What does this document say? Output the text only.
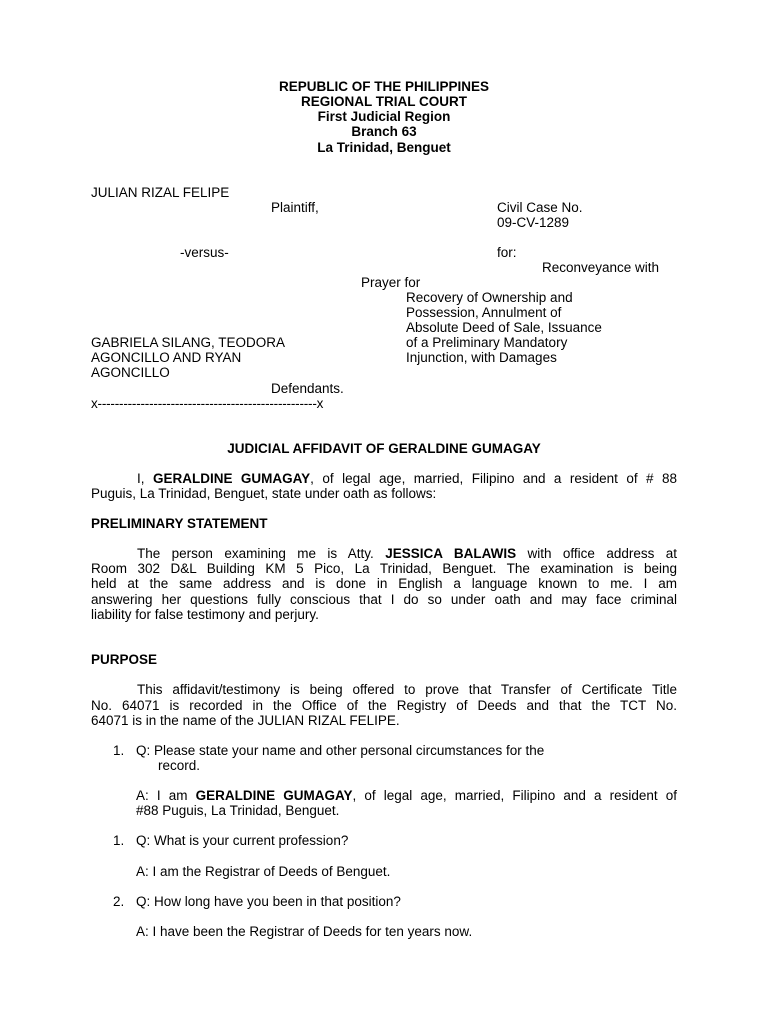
REPUBLIC OF THE PHILIPPINES
REGIONAL TRIAL COURT
First Judicial Region
Branch 63
La Trinidad, Benguet
JULIAN RIZAL FELIPE
Plaintiff,	Civil Case No.
09-CV-1289
-versus-	for:
Reconveyance with
Prayer for
Recovery of Ownership and
Possession, Annulment of
Absolute Deed of Sale, Issuance
of a Preliminary Mandatory
Injunction, with Damages
GABRIELA SILANG, TEODORA
AGONCILLO AND RYAN
AGONCILLO
Defendants.
x---------------------------------------------------x
JUDICIAL AFFIDAVIT OF GERALDINE GUMAGAY
I, GERALDINE GUMAGAY, of legal age, married, Filipino and a resident of # 88
Puguis, La Trinidad, Benguet, state under oath as follows:
PRELIMINARY STATEMENT
The person examining me is Atty. JESSICA BALAWIS with office address at
Room 302 D&L Building KM 5 Pico, La Trinidad, Benguet. The examination is being
held at the same address and is done in English a language known to me. I am
answering her questions fully conscious that I do so under oath and may face criminal
liability for false testimony and perjury.
PURPOSE
This affidavit/testimony is being offered to prove that Transfer of Certificate Title
No. 64071 is recorded in the Office of the Registry of Deeds and that the TCT No.
64071 is in the name of the JULIAN RIZAL FELIPE.
1. Q: Please state your name and other personal circumstances for the
record.
A: I am GERALDINE GUMAGAY, of legal age, married, Filipino and a resident of
#88 Puguis, La Trinidad, Benguet.
1. Q: What is your current profession?
A: I am the Registrar of Deeds of Benguet.
2. Q: How long have you been in that position?
A: I have been the Registrar of Deeds for ten years now.
